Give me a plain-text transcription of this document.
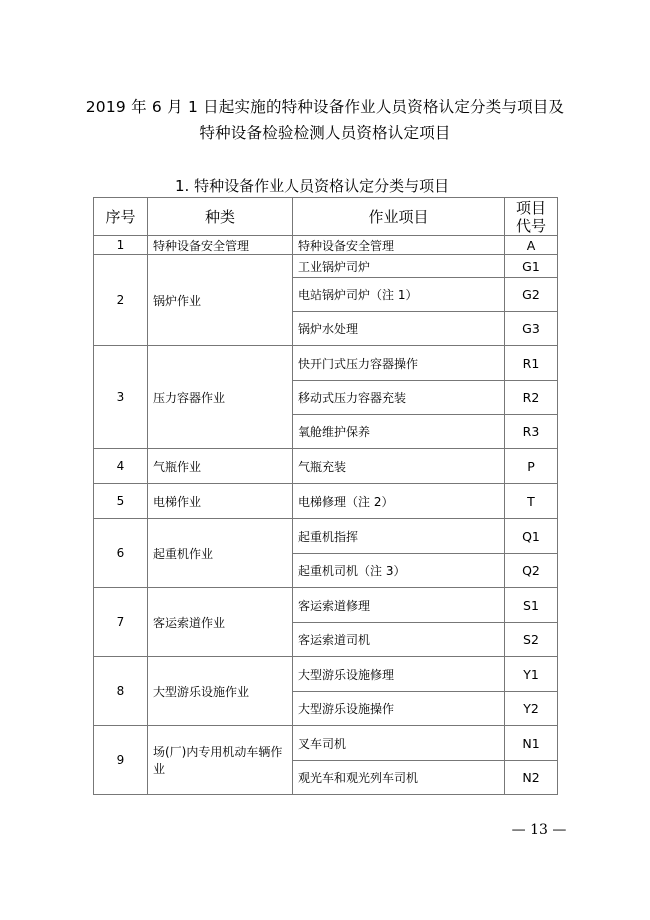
2019 年 6 月 1 日起实施的特种设备作业人员资格认定分类与项目及
特种设备检验检测人员资格认定项目
1. 特种设备作业人员资格认定分类与项目
序号	种类	作业项目	项目
代号
1	特种设备安全管理	特种设备安全管理	A
2	锅炉作业	工业锅炉司炉	G1
		电站锅炉司炉（注 1）	G2
		锅炉水处理	G3
3	压力容器作业	快开门式压力容器操作	R1
		移动式压力容器充装	R2
		氧舱维护保养	R3
4	气瓶作业	气瓶充装	P
5	电梯作业	电梯修理（注 2）	T
6	起重机作业	起重机指挥	Q1
		起重机司机（注 3）	Q2
7	客运索道作业	客运索道修理	S1
		客运索道司机	S2
8	大型游乐设施作业	大型游乐设施修理	Y1
		大型游乐设施操作	Y2
9	场(厂)内专用机动车辆作业	叉车司机	N1
		观光车和观光列车司机	N2
— 13 —
